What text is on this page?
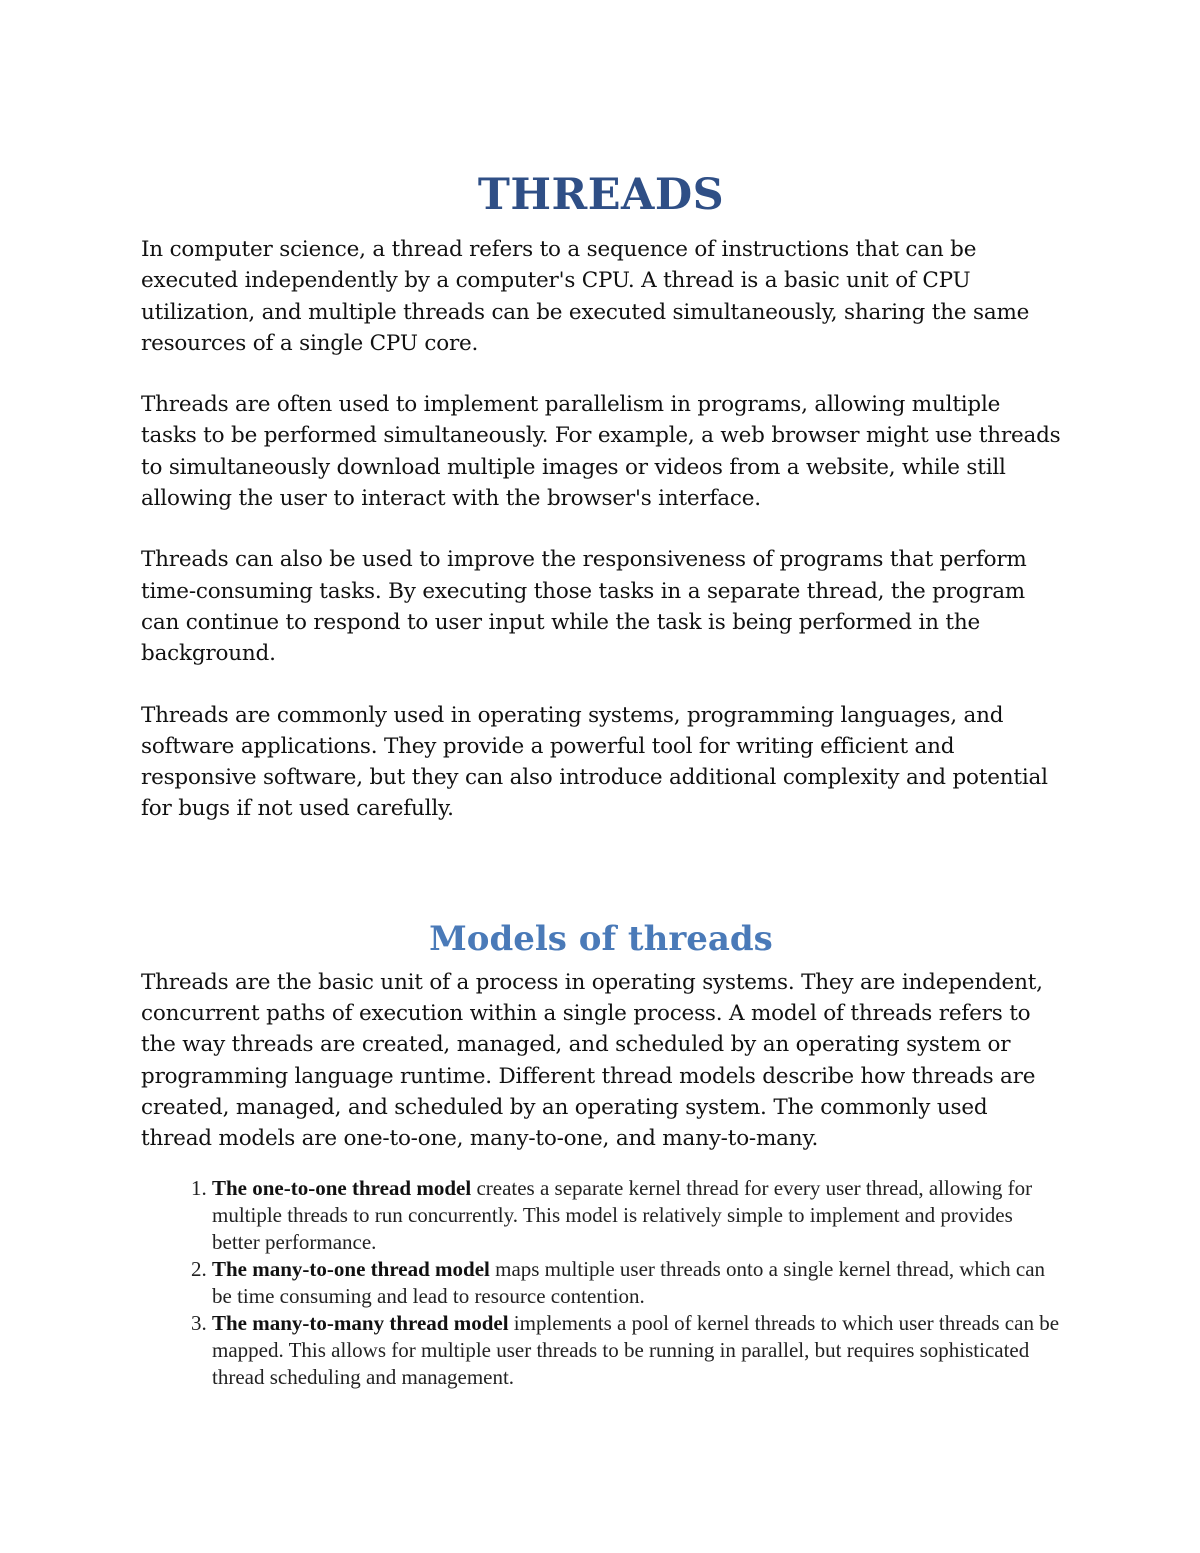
THREADS

In computer science, a thread refers to a sequence of instructions that can be executed independently by a computer's CPU. A thread is a basic unit of CPU utilization, and multiple threads can be executed simultaneously, sharing the same resources of a single CPU core.

Threads are often used to implement parallelism in programs, allowing multiple tasks to be performed simultaneously. For example, a web browser might use threads to simultaneously download multiple images or videos from a website, while still allowing the user to interact with the browser's interface.

Threads can also be used to improve the responsiveness of programs that perform time-consuming tasks. By executing those tasks in a separate thread, the program can continue to respond to user input while the task is being performed in the background.

Threads are commonly used in operating systems, programming languages, and software applications. They provide a powerful tool for writing efficient and responsive software, but they can also introduce additional complexity and potential for bugs if not used carefully.

Models of threads

Threads are the basic unit of a process in operating systems. They are independent, concurrent paths of execution within a single process. A model of threads refers to the way threads are created, managed, and scheduled by an operating system or programming language runtime. Different thread models describe how threads are created, managed, and scheduled by an operating system. The commonly used thread models are one-to-one, many-to-one, and many-to-many.

1. The one-to-one thread model creates a separate kernel thread for every user thread, allowing for multiple threads to run concurrently. This model is relatively simple to implement and provides better performance.
2. The many-to-one thread model maps multiple user threads onto a single kernel thread, which can be time consuming and lead to resource contention.
3. The many-to-many thread model implements a pool of kernel threads to which user threads can be mapped. This allows for multiple user threads to be running in parallel, but requires sophisticated thread scheduling and management.
